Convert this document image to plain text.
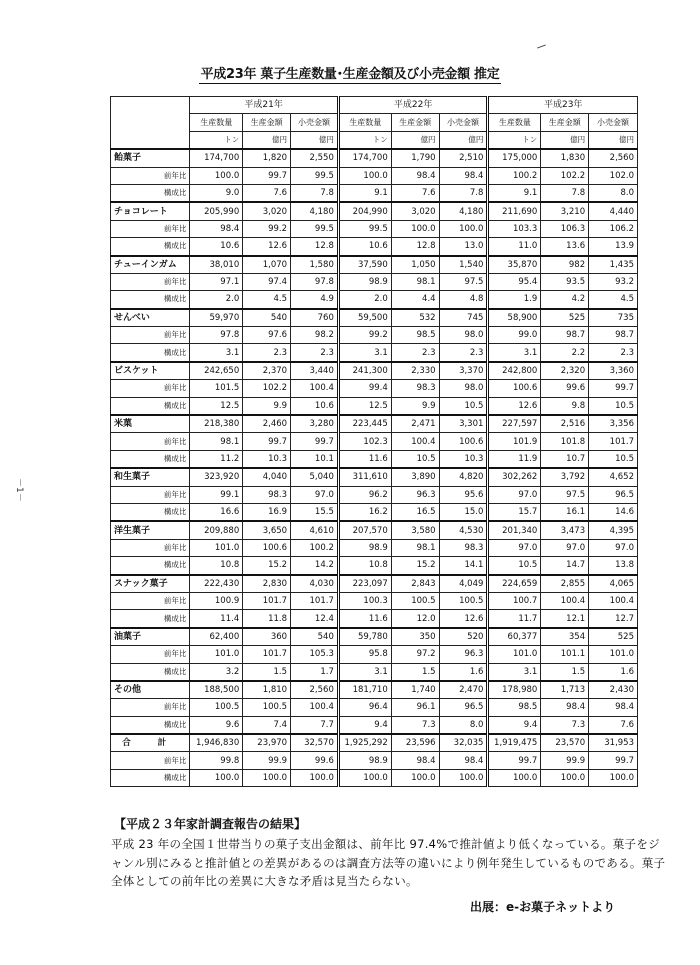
平成23年 菓子生産数量･生産金額及び小売金額 推定
－1－
	平成21年			平成22年			平成23年		
	生産数量	生産金額	小売金額	生産数量	生産金額	小売金額	生産数量	生産金額	小売金額
	トン	億円	億円	トン	億円	億円	トン	億円	億円
飴菓子	174,700	1,820	2,550	174,700	1,790	2,510	175,000	1,830	2,560
前年比	100.0	99.7	99.5	100.0	98.4	98.4	100.2	102.2	102.0
構成比	9.0	7.6	7.8	9.1	7.6	7.8	9.1	7.8	8.0
チョコレート	205,990	3,020	4,180	204,990	3,020	4,180	211,690	3,210	4,440
前年比	98.4	99.2	99.5	99.5	100.0	100.0	103.3	106.3	106.2
構成比	10.6	12.6	12.8	10.6	12.8	13.0	11.0	13.6	13.9
チューインガム	38,010	1,070	1,580	37,590	1,050	1,540	35,870	982	1,435
前年比	97.1	97.4	97.8	98.9	98.1	97.5	95.4	93.5	93.2
構成比	2.0	4.5	4.9	2.0	4.4	4.8	1.9	4.2	4.5
せんべい	59,970	540	760	59,500	532	745	58,900	525	735
前年比	97.8	97.6	98.2	99.2	98.5	98.0	99.0	98.7	98.7
構成比	3.1	2.3	2.3	3.1	2.3	2.3	3.1	2.2	2.3
ビスケット	242,650	2,370	3,440	241,300	2,330	3,370	242,800	2,320	3,360
前年比	101.5	102.2	100.4	99.4	98.3	98.0	100.6	99.6	99.7
構成比	12.5	9.9	10.6	12.5	9.9	10.5	12.6	9.8	10.5
米菓	218,380	2,460	3,280	223,445	2,471	3,301	227,597	2,516	3,356
前年比	98.1	99.7	99.7	102.3	100.4	100.6	101.9	101.8	101.7
構成比	11.2	10.3	10.1	11.6	10.5	10.3	11.9	10.7	10.5
和生菓子	323,920	4,040	5,040	311,610	3,890	4,820	302,262	3,792	4,652
前年比	99.1	98.3	97.0	96.2	96.3	95.6	97.0	97.5	96.5
構成比	16.6	16.9	15.5	16.2	16.5	15.0	15.7	16.1	14.6
洋生菓子	209,880	3,650	4,610	207,570	3,580	4,530	201,340	3,473	4,395
前年比	101.0	100.6	100.2	98.9	98.1	98.3	97.0	97.0	97.0
構成比	10.8	15.2	14.2	10.8	15.2	14.1	10.5	14.7	13.8
スナック菓子	222,430	2,830	4,030	223,097	2,843	4,049	224,659	2,855	4,065
前年比	100.9	101.7	101.7	100.3	100.5	100.5	100.7	100.4	100.4
構成比	11.4	11.8	12.4	11.6	12.0	12.6	11.7	12.1	12.7
油菓子	62,400	360	540	59,780	350	520	60,377	354	525
前年比	101.0	101.7	105.3	95.8	97.2	96.3	101.0	101.1	101.0
構成比	3.2	1.5	1.7	3.1	1.5	1.6	3.1	1.5	1.6
その他	188,500	1,810	2,560	181,710	1,740	2,470	178,980	1,713	2,430
前年比	100.5	100.5	100.4	96.4	96.1	96.5	98.5	98.4	98.4
構成比	9.6	7.4	7.7	9.4	7.3	8.0	9.4	7.3	7.6
合 計	1,946,830	23,970	32,570	1,925,292	23,596	32,035	1,919,475	23,570	31,953
前年比	99.8	99.9	99.6	98.9	98.4	98.4	99.7	99.9	99.7
構成比	100.0	100.0	100.0	100.0	100.0	100.0	100.0	100.0	100.0
【平成２３年家計調査報告の結果】

平成 23 年の全国１世帯当りの菓子支出金額は、前年比 97.4%で推計値より低くなっている。菓子をジャンル別にみると推計値との差異があるのは調査方法等の違いにより例年発生しているものである。菓子全体としての前年比の差異に大きな矛盾は見当たらない。

出展：e-お菓子ネットより
